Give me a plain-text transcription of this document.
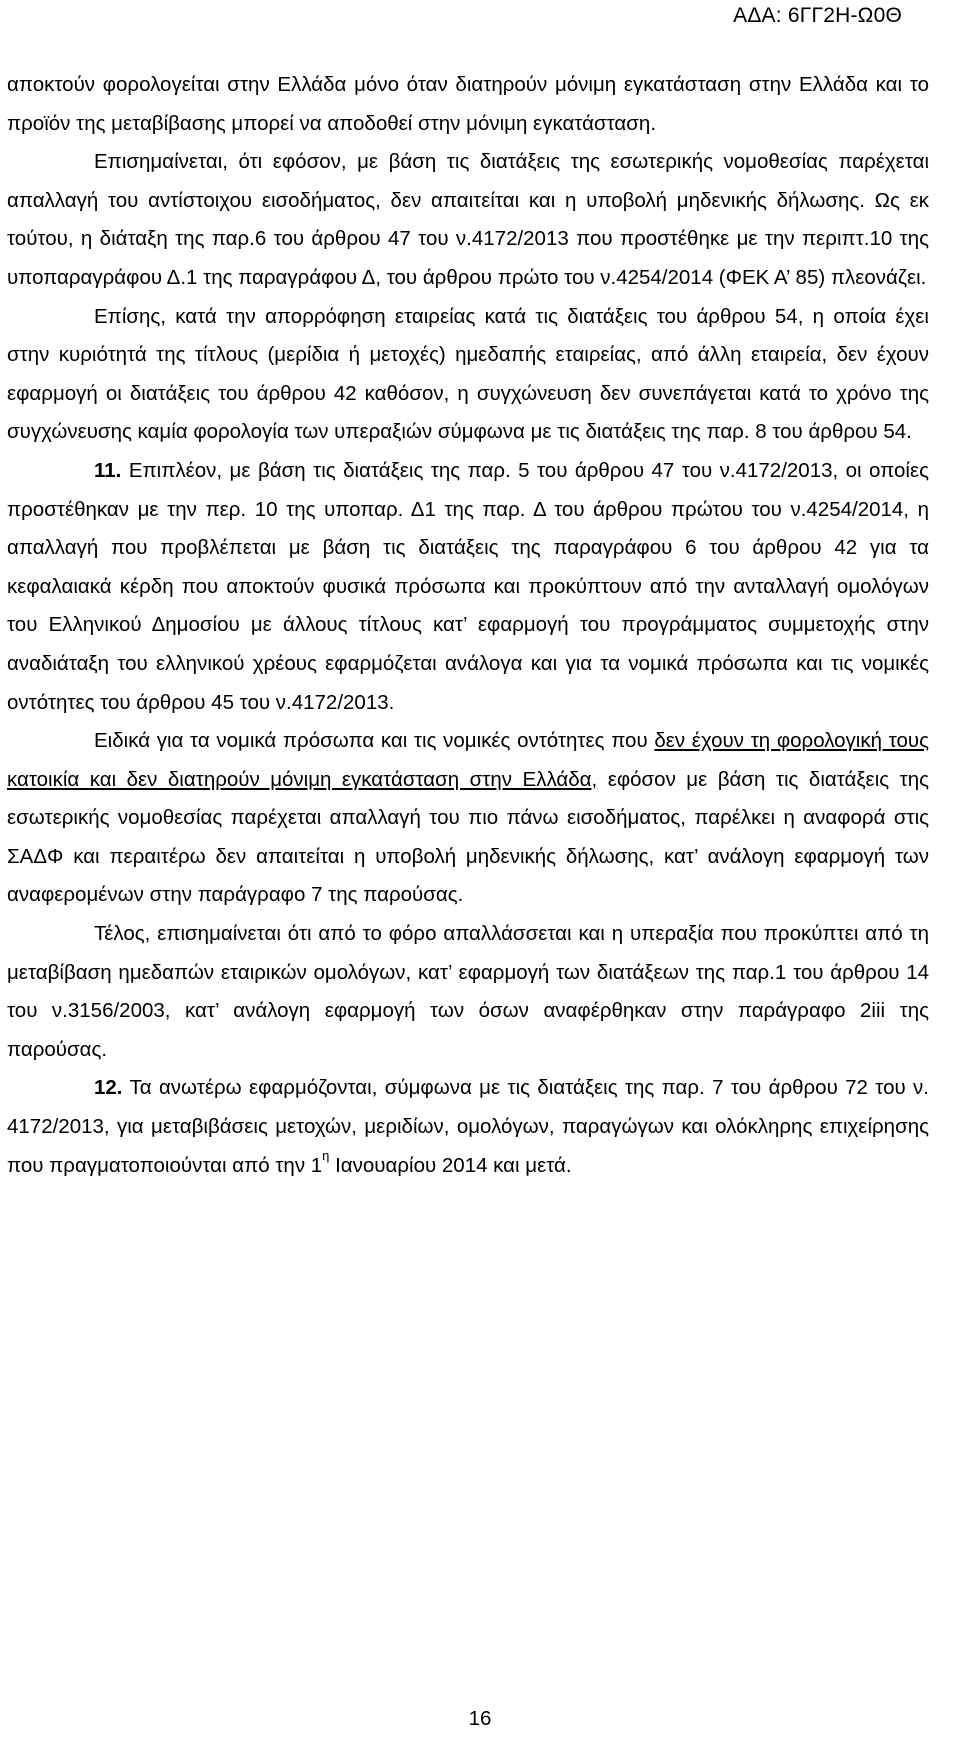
ΑΔΑ: 6ΓΓ2Η-Ω0Θ

αποκτούν φορολογείται στην Ελλάδα μόνο όταν διατηρούν μόνιμη εγκατάσταση στην Ελλάδα και το προϊόν της μεταβίβασης μπορεί να αποδοθεί στην μόνιμη εγκατάσταση.

Επισημαίνεται, ότι εφόσον, με βάση τις διατάξεις της εσωτερικής νομοθεσίας παρέχεται απαλλαγή του αντίστοιχου εισοδήματος, δεν απαιτείται και η υποβολή μηδενικής δήλωσης. Ως εκ τούτου, η διάταξη της παρ.6 του άρθρου 47 του ν.4172/2013 που προστέθηκε με την περιπτ.10 της υποπαραγράφου Δ.1 της παραγράφου Δ, του άρθρου πρώτο του ν.4254/2014 (ΦΕΚ Α’ 85) πλεονάζει.

Επίσης, κατά την απορρόφηση εταιρείας κατά τις διατάξεις του άρθρου 54, η οποία έχει στην κυριότητά της τίτλους (μερίδια ή μετοχές) ημεδαπής εταιρείας, από άλλη εταιρεία, δεν έχουν εφαρμογή οι διατάξεις του άρθρου 42 καθόσον, η συγχώνευση δεν συνεπάγεται κατά το χρόνο της συγχώνευσης καμία φορολογία των υπεραξιών σύμφωνα με τις διατάξεις της παρ. 8 του άρθρου 54.

11. Επιπλέον, με βάση τις διατάξεις της παρ. 5 του άρθρου 47 του ν.4172/2013, οι οποίες προστέθηκαν με την περ. 10 της υποπαρ. Δ1 της παρ. Δ του άρθρου πρώτου του ν.4254/2014, η απαλλαγή που προβλέπεται με βάση τις διατάξεις της παραγράφου 6 του άρθρου 42 για τα κεφαλαιακά κέρδη που αποκτούν φυσικά πρόσωπα και προκύπτουν από την ανταλλαγή ομολόγων του Ελληνικού Δημοσίου με άλλους τίτλους κατ’ εφαρμογή του προγράμματος συμμετοχής στην αναδιάταξη του ελληνικού χρέους εφαρμόζεται ανάλογα και για τα νομικά πρόσωπα και τις νομικές οντότητες του άρθρου 45 του ν.4172/2013.

Ειδικά για τα νομικά πρόσωπα και τις νομικές οντότητες που δεν έχουν τη φορολογική τους κατοικία και δεν διατηρούν μόνιμη εγκατάσταση στην Ελλάδα, εφόσον με βάση τις διατάξεις της εσωτερικής νομοθεσίας παρέχεται απαλλαγή του πιο πάνω εισοδήματος, παρέλκει η αναφορά στις ΣΑΔΦ και περαιτέρω δεν απαιτείται η υποβολή μηδενικής δήλωσης, κατ’ ανάλογη εφαρμογή των αναφερομένων στην παράγραφο 7 της παρούσας.

Τέλος, επισημαίνεται ότι από το φόρο απαλλάσσεται και η υπεραξία που προκύπτει από τη μεταβίβαση ημεδαπών εταιρικών ομολόγων, κατ’ εφαρμογή των διατάξεων της παρ.1 του άρθρου 14 του ν.3156/2003, κατ’ ανάλογη εφαρμογή των όσων αναφέρθηκαν στην παράγραφο 2iii της παρούσας.

12. Τα ανωτέρω εφαρμόζονται, σύμφωνα με τις διατάξεις της παρ. 7 του άρθρου 72 του ν. 4172/2013, για μεταβιβάσεις μετοχών, μεριδίων, ομολόγων, παραγώγων και ολόκληρης επιχείρησης που πραγματοποιούνται από την $1^\eta$ Ιανουαρίου 2014 και μετά.

16
